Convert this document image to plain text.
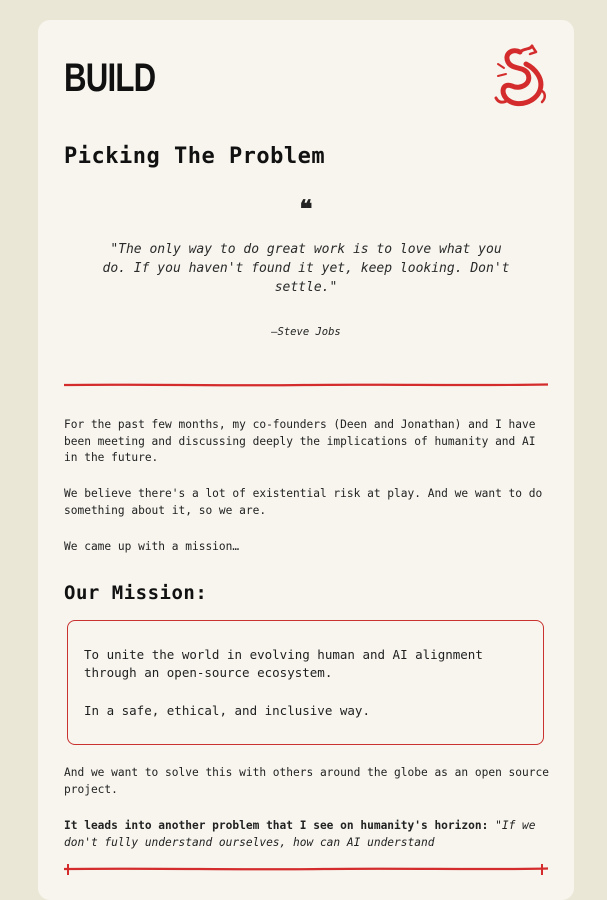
BUILD
Picking The Problem
❝
"The only way to do great work is to love what you do. If you haven't found it yet, keep looking. Don't settle."
—Steve Jobs

For the past few months, my co-founders (Deen and Jonathan) and I have been meeting and discussing deeply the implications of humanity and AI in the future.

We believe there's a lot of existential risk at play. And we want to do something about it, so we are.

We came up with a mission…

Our Mission:

To unite the world in evolving human and AI alignment through an open-source ecosystem.

In a safe, ethical, and inclusive way.

And we want to solve this with others around the globe as an open source project.

It leads into another problem that I see on humanity's horizon: "If we don't fully understand ourselves, how can AI understand
